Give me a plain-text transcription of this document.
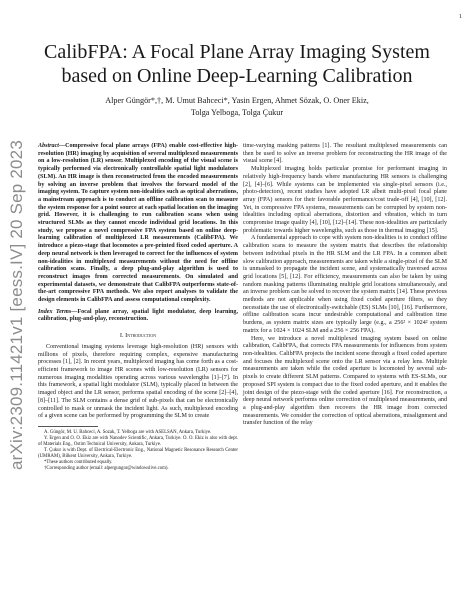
1
arXiv:2309.11421v1 [eess.IV] 20 Sep 2023
CalibFPA: A Focal Plane Array Imaging System
based on Online Deep-Learning Calibration
Alper Güngör*,†, M. Umut Bahceci*, Yasin Ergen, Ahmet Sözak, O. Oner Ekiz,
Tolga Yelboga, Tolga Çukur

Abstract—Compressive focal plane arrays (FPA) enable cost-effective high-resolution (HR) imaging by acquisition of several multiplexed measurements on a low-resolution (LR) sensor. Multiplexed encoding of the visual scene is typically performed via electronically controllable spatial light modulators (SLM). An HR image is then reconstructed from the encoded measurements by solving an inverse problem that involves the forward model of the imaging system. To capture system non-idealities such as optical aberrations, a mainstream approach is to conduct an offline calibration scan to measure the system response for a point source at each spatial location on the imaging grid. However, it is challenging to run calibration scans when using structured SLMs as they cannot encode individual grid locations. In this study, we propose a novel compressive FPA system based on online deep-learning calibration of multiplexed LR measurements (CalibFPA). We introduce a piezo-stage that locomotes a pre-printed fixed coded aperture. A deep neural network is then leveraged to correct for the influences of system non-idealities in multiplexed measurements without the need for offline calibration scans. Finally, a deep plug-and-play algorithm is used to reconstruct images from corrected measurements. On simulated and experimental datasets, we demonstrate that CalibFPA outperforms state-of-the-art compressive FPA methods. We also report analyses to validate the design elements in CalibFPA and assess computational complexity.

Index Terms—Focal plane array, spatial light modulator, deep learning, calibration, plug-and-play, reconstruction.

I. Introduction

Conventional imaging systems leverage high-resolution (HR) sensors with millions of pixels, therefore requiring complex, expensive manufacturing processes [1], [2]. In recent years, multiplexed imaging has come forth as a cost-efficient framework to image HR scenes with low-resolution (LR) sensors for numerous imaging modalities operating across various wavelengths [1]–[7]. In this framework, a spatial light modulator (SLM), typically placed in between the imaged object and the LR sensor, performs spatial encoding of the scene [2]–[4], [8]–[11]. The SLM contains a dense grid of sub-pixels that can be electronically controlled to mask or unmask the incident light. As such, multiplexed encoding of a given scene can be performed by programming the SLM to create

A. Güngör, M. U. Bahceci, A. Sozak, T. Yelboga are with ASELSAN, Ankara, Turkiye.

Y. Ergen and O. O. Ekiz are with Nanodev Scientific, Ankara, Turkiye. O. O. Ekiz is also with dept. of Materials Eng., Ostim Technical University, Ankara, Turkiye.

T. Çukur is with Dept. of Electrical-Electronic Eng., National Magnetic Resonance Research Center (UMRAM), Bilkent University, Ankara, Turkiye.

*These authors contributed equally.

†Corresponding author (email: alpergungor@windowslive.com).

time-varying masking patterns [1]. The resultant multiplexed measurements can then be used to solve an inverse problem for reconstructing the HR image of the visual scene [4].

Multiplexed imaging holds particular promise for performant imaging in relatively high-frequency bands where manufacturing HR sensors is challenging [2], [4]–[6]. While systems can be implemented via single-pixel sensors (i.e., photo-detectors), recent studies have adopted LR albeit multi-pixel focal plane array (FPA) sensors for their favorable performance/cost trade-off [4], [10], [12]. Yet, in compressive FPA systems, measurements can be corrupted by system non-idealities including optical aberrations, distortion and vibration, which in turn compromise image quality [4], [10], [12]–[14]. These non-idealities are particularly problematic towards higher wavelengths, such as those in thermal imaging [15].

A fundamental approach to cope with system non-idealities is to conduct offline calibration scans to measure the system matrix that describes the relationship between individual pixels in the HR SLM and the LR FPA. In a common albeit slow calibration approach, measurements are taken while a single-pixel of the SLM is unmasked to propagate the incident scene, and systematically traversed across grid locations [5], [12]. For efficiency, measurements can also be taken by using random masking patterns illuminating multiple grid locations simultaneously, and an inverse problem can be solved to recover the system matrix [14]. These previous methods are not applicable when using fixed coded aperture filters, so they necessitate the use of electronically-switchable (ES) SLMs [10], [16]. Furthermore, offline calibration scans incur undesirable computational and calibration time burdens, as system matrix sizes are typically large (e.g., a 256² × 1024² system matrix for a 1024 × 1024 SLM and a 256 × 256 FPA).

Here, we introduce a novel multiplexed imaging system based on online calibration, CalibFPA, that corrects FPA measurements for influences from system non-idealities. CalibFPA projects the incident scene through a fixed coded aperture and focuses the multiplexed scene onto the LR sensor via a relay lens. Multiple measurements are taken while the coded aperture is locomoted by several sub-pixels to create different SLM patterns. Compared to systems with ES-SLMs, our proposed SPI system is compact due to the fixed coded aperture, and it enables the joint design of the piezo-stage with the coded aperture [16]. For reconstruction, a deep neural network performs online correction of multiplexed measurements, and a plug-and-play algorithm then recovers the HR image from corrected measurements. We consider the correction of optical aberrations, misalignment and transfer function of the relay
